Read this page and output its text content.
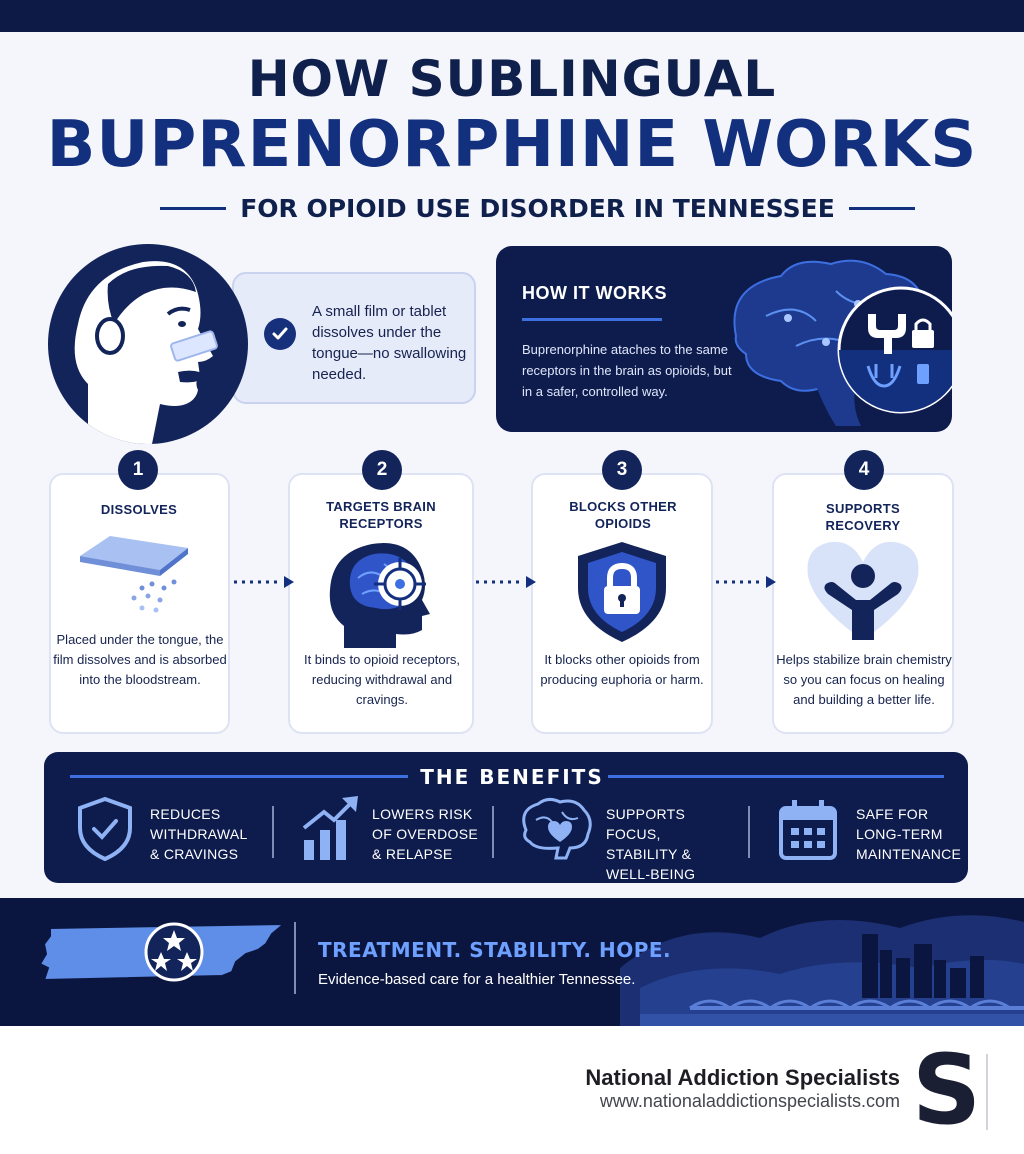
HOW SUBLINGUAL
BUPRENORPHINE WORKS
FOR OPIOID USE DISORDER IN TENNESSEE
A small film or tablet dissolves under the tongue—no swallowing needed.
HOW IT WORKS
Buprenorphine ataches to the same receptors in the brain as opioids, but in a safer, controlled way.
1	2	3	4
DISSOLVES	TARGETS BRAIN RECEPTORS
BLOCKS OTHER OPIOIDS
SUPPORTS RECOVERY
Placed under the tongue, the film dissolves and is absorbed into the bloodstream.
It binds to opioid receptors, reducing withdrawal and cravings.
It blocks other opioids from producing euphoria or harm.
Helps stabilize brain chemistry so you can focus on healing and building a better life.
THE BENEFITS
REDUCES WITHDRAWAL & CRAVINGS
LOWERS RISK OF OVERDOSE & RELAPSE
SUPPORTS FOCUS, STABILITY & WELL-BEING
SAFE FOR LONG-TERM MAINTENANCE
TREATMENT. STABILITY. HOPE.
Evidence-based care for a healthier Tennessee.
National Addiction Specialists
www.nationaladdictionspecialists.com S
